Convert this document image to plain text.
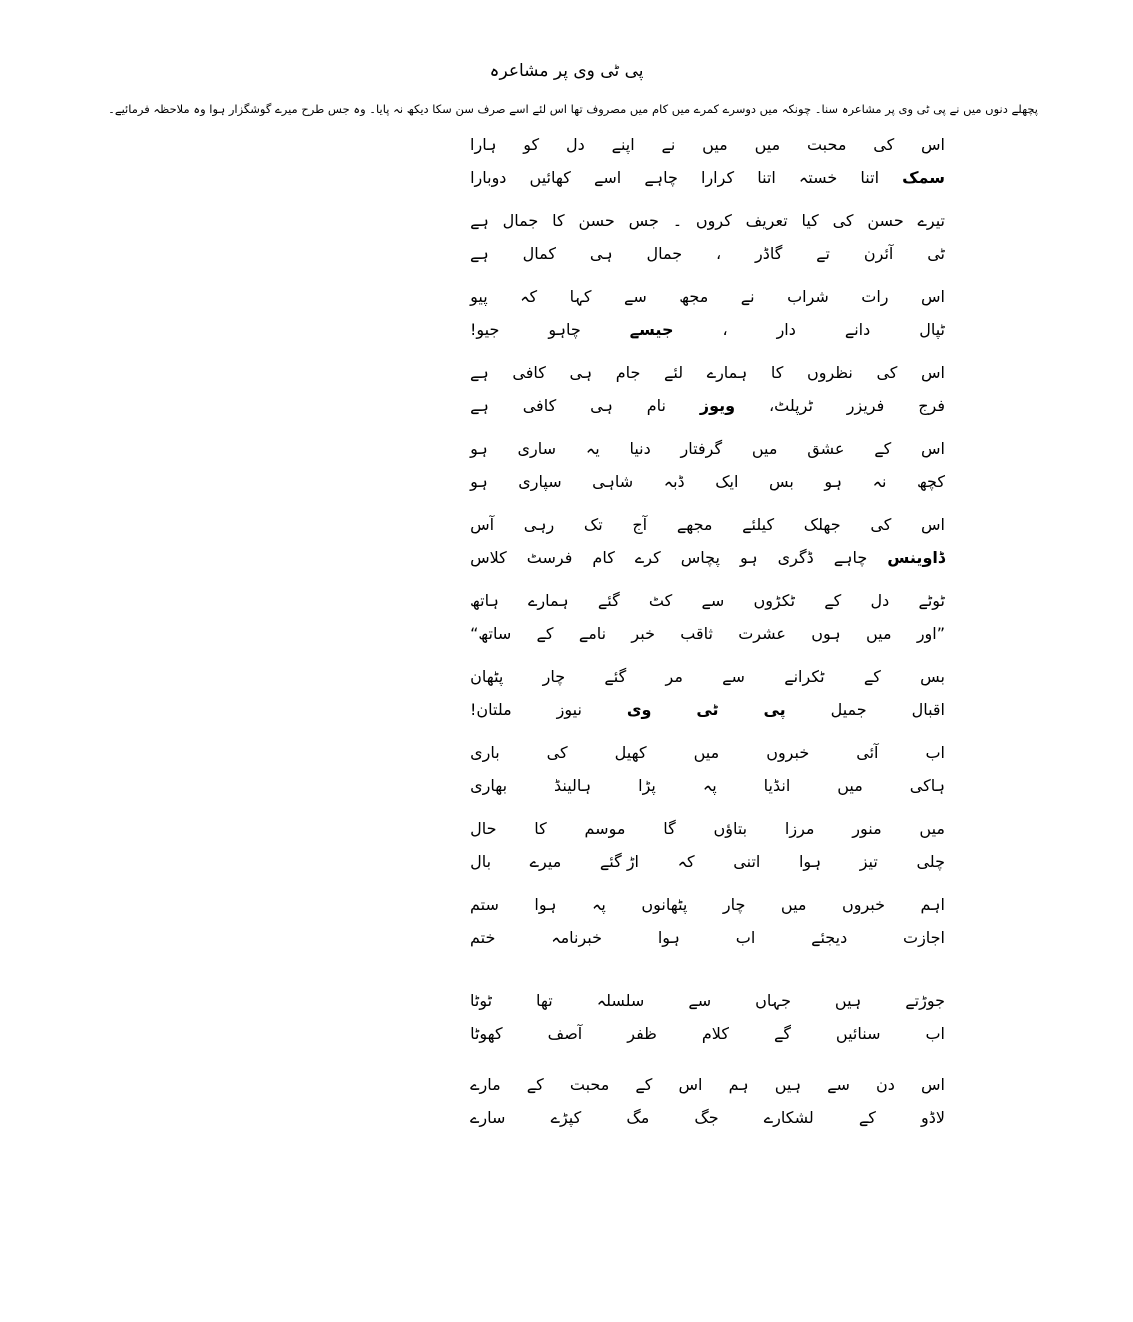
پی ٹی وی پر مشاعرہ
پچھلے دنوں میں نے پی ٹی وی پر مشاعرہ سنا۔ چونکہ میں دوسرے کمرے میں کام میں مصروف تھا اس لئے اسے صرف سن سکا دیکھ نہ پایا۔ وہ جس طرح میرے گوشگزار ہوا وہ ملاحظہ فرمائیے۔
اس
کی
محبت
میں
میں
نے
اپنے
دل
کو
ہارا
سمک
اتنا
خستہ
اتنا
کرارا
چاہے
اسے
کھائیں
دوبارا
تیرے
حسن
کی
کیا
تعریف
کروں
۔
جس
حسن
کا
جمال
ہے
ٹی
آئرن
تے
گاڈر
،
جمال
ہی
کمال
ہے
اس
رات
شراب
نے
مجھ
سے
کہا
کہ
پیو
ٹپال
دانے
دار
،
جیسے
چاہو
جیو!
اس
کی
نظروں
کا
ہمارے
لئے
جام
ہی
کافی
ہے
فرج
فریزر
ٹرپلٹ،
ویوز
نام
ہی
کافی
ہے
اس
کے
عشق
میں
گرفتار
دنیا
یہ
ساری
ہو
کچھ
نہ
ہو
بس
ایک
ڈبہ
شاہی
سپاری
ہو
اس
کی
جھلک
کیلئے
مجھے
آج
تک
رہی
آس
ڈاوینس
چاہے
ڈگری
ہو
پچاس
کرے
کام
فرسٹ
کلاس
ٹوٹے
دل
کے
ٹکڑوں
سے
کٹ
گئے
ہمارے
ہاتھ
”اور
میں
ہوں
عشرت
ثاقب
خبر
نامے
کے
ساتھ“
بس
کے
ٹکرانے
سے
مر
گئے
چار
پٹھان
اقبال
جمیل
پی
ٹی
وی
نیوز
ملتان!
اب
آئی
خبروں
میں
کھیل
کی
باری
ہاکی
میں
انڈیا
پہ
پڑا
ہالینڈ
بھاری
میں
منور
مرزا
بتاؤں
گا
موسم
کا
حال
چلی
تیز
ہوا
اتنی
کہ
اڑ گئے
میرے
بال
اہم
خبروں
میں
چار
پٹھانوں
پہ
ہوا
ستم
اجازت
دیجئے
اب
ہوا
خبرنامہ
ختم
جوڑتے
ہیں
جہاں
سے
سلسلہ
تھا
ٹوٹا
اب
سنائیں
گے
کلام
ظفر
آصف
کھوٹا
اس
دن
سے
ہیں
ہم
اس
کے
محبت
کے
مارے
لاڈو
کے
لشکارے
جگ
مگ
کپڑے
سارے
